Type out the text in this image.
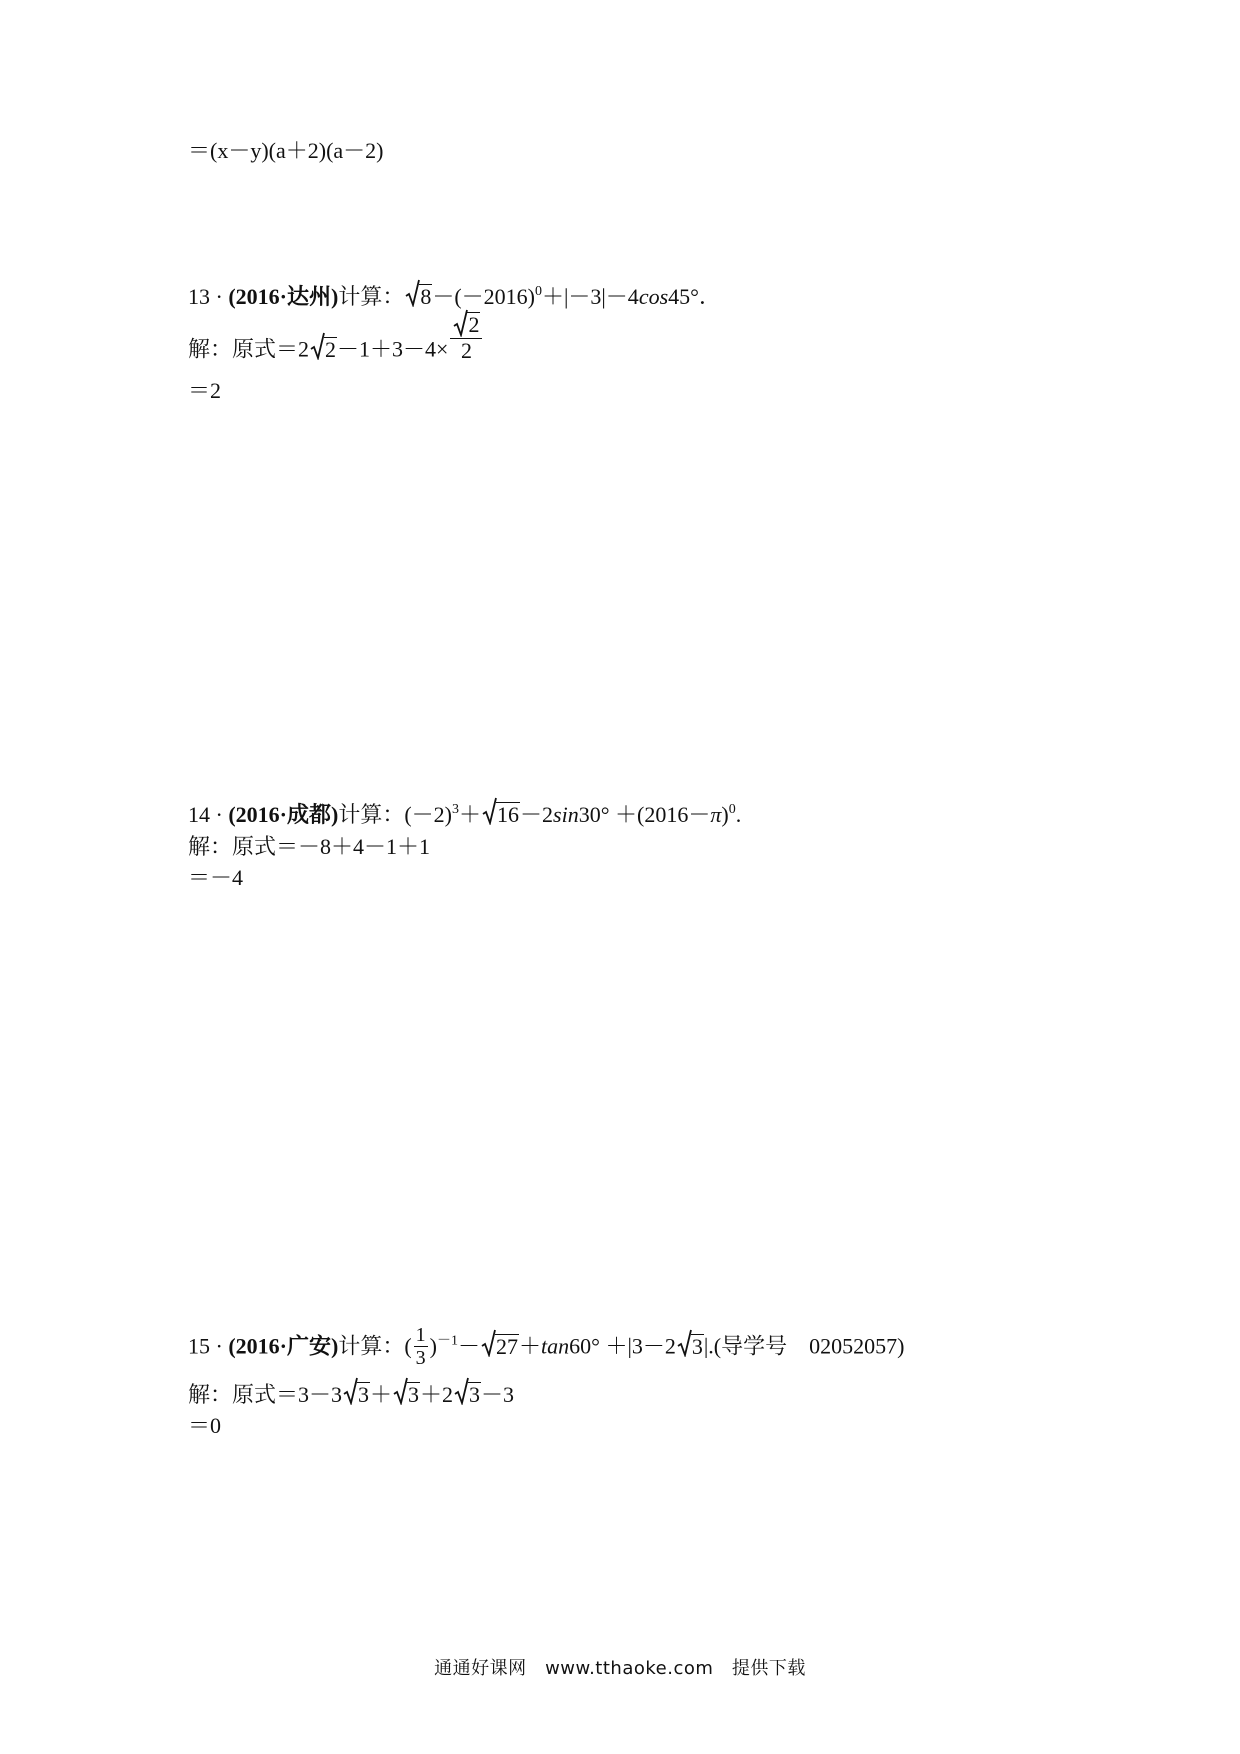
＝(x－y)(a＋2)(a－2)
13 · (2016·达州)计算： $8-(-2016)^0+|-3|-4\cos 45^\circ$．
解：原式＝2 $2-1+3-4\times \frac{2}{2}$
＝2
14 · (2016·成都)计算：$(-2)^3+ 16-2\sin 30^\circ +(2016-\pi)^0$.
解：原式＝－8＋4－1＋1
＝－4
15 · (2016·广安)计算：( $\frac{1}{3} )^{-1}- 27+\tan 60^\circ +|3-2$ 3|.(导学号　02052057)
解：原式＝3－3 3＋ 3＋2 3－3
＝0
通通好课网　www.tthaoke.com　提供下载
